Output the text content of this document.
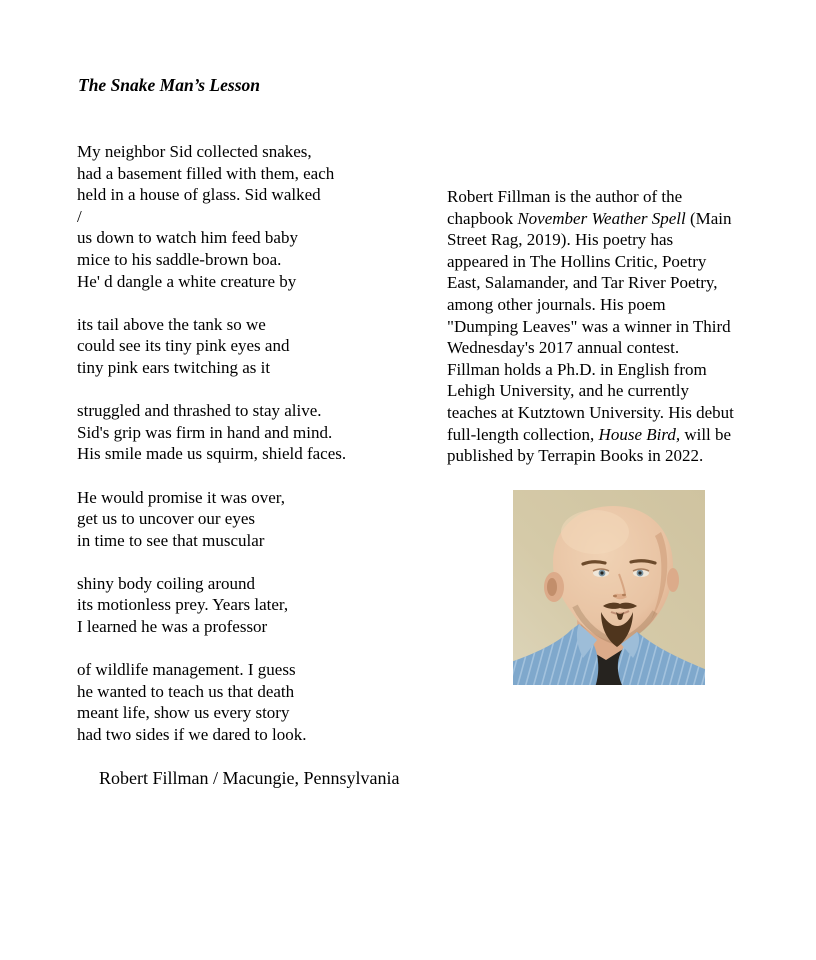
The Snake Man’s Lesson
My neighbor Sid collected snakes,
had a basement filled with them, each
held in a house of glass. Sid walked
/
us down to watch him feed baby
mice to his saddle-brown boa.
He' d dangle a white creature by
its tail above the tank so we
could see its tiny pink eyes and
tiny pink ears twitching as it
struggled and thrashed to stay alive.
Sid's grip was firm in hand and mind.
His smile made us squirm, shield faces.
He would promise it was over,
get us to uncover our eyes
in time to see that muscular
shiny body coiling around
its motionless prey. Years later,
I learned he was a professor
of wildlife management. I guess
he wanted to teach us that death
meant life, show us every story
had two sides if we dared to look.
Robert Fillman / Macungie, Pennsylvania
Robert Fillman is the author of the
chapbook November Weather Spell (Main
Street Rag, 2019). His poetry has
appeared in The Hollins Critic, Poetry
East, Salamander, and Tar River Poetry,
among other journals. His poem
"Dumping Leaves" was a winner in Third
Wednesday's 2017 annual contest.
Fillman holds a Ph.D. in English from
Lehigh University, and he currently
teaches at Kutztown University. His debut
full-length collection, House Bird, will be
published by Terrapin Books in 2022.
